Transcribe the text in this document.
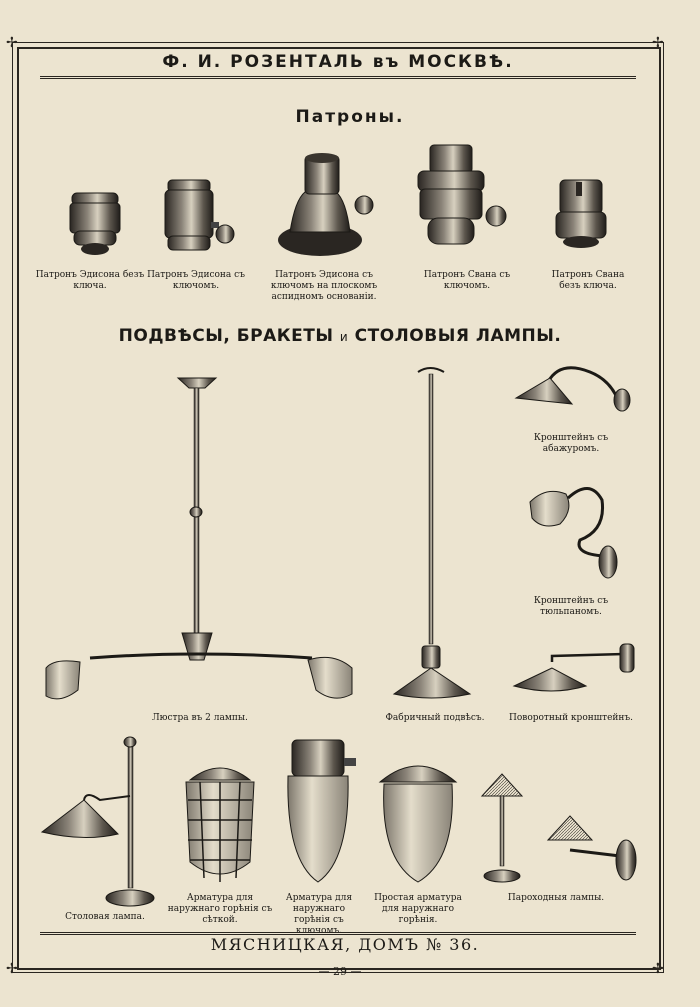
✢	✢
✢	✢
Ф. И. РОЗЕНТАЛЬ въ МОСКВѢ.
Патроны.
ПОДВѢСЫ, БРАКЕТЫ и СТОЛОВЫЯ ЛАМПЫ.
Патронъ Эдисона безъ ключа.
Патронъ Эдисона съ ключомъ.
Патронъ Эдисона съ ключомъ на плоскомъ аспидномъ основаніи.
Патронъ Свана съ ключомъ.
Патронъ Свана безъ ключа.
Люстра въ 2 лампы.	Фабричный подвѣсъ.
Кронштейнъ съ абажуромъ.
Кронштейнъ съ тюльпаномъ.
Поворотный кронштейнъ.
Столовая лампа.
Арматура для наружнаго горѣнія съ сѣткой.
Арматура для наружнаго горѣнія съ ключомъ.
Простая арматура для наружнаго горѣнія.
Пароходныя лампы.
МЯСНИЦКАЯ, ДОМЪ № 36.
— 29 —
